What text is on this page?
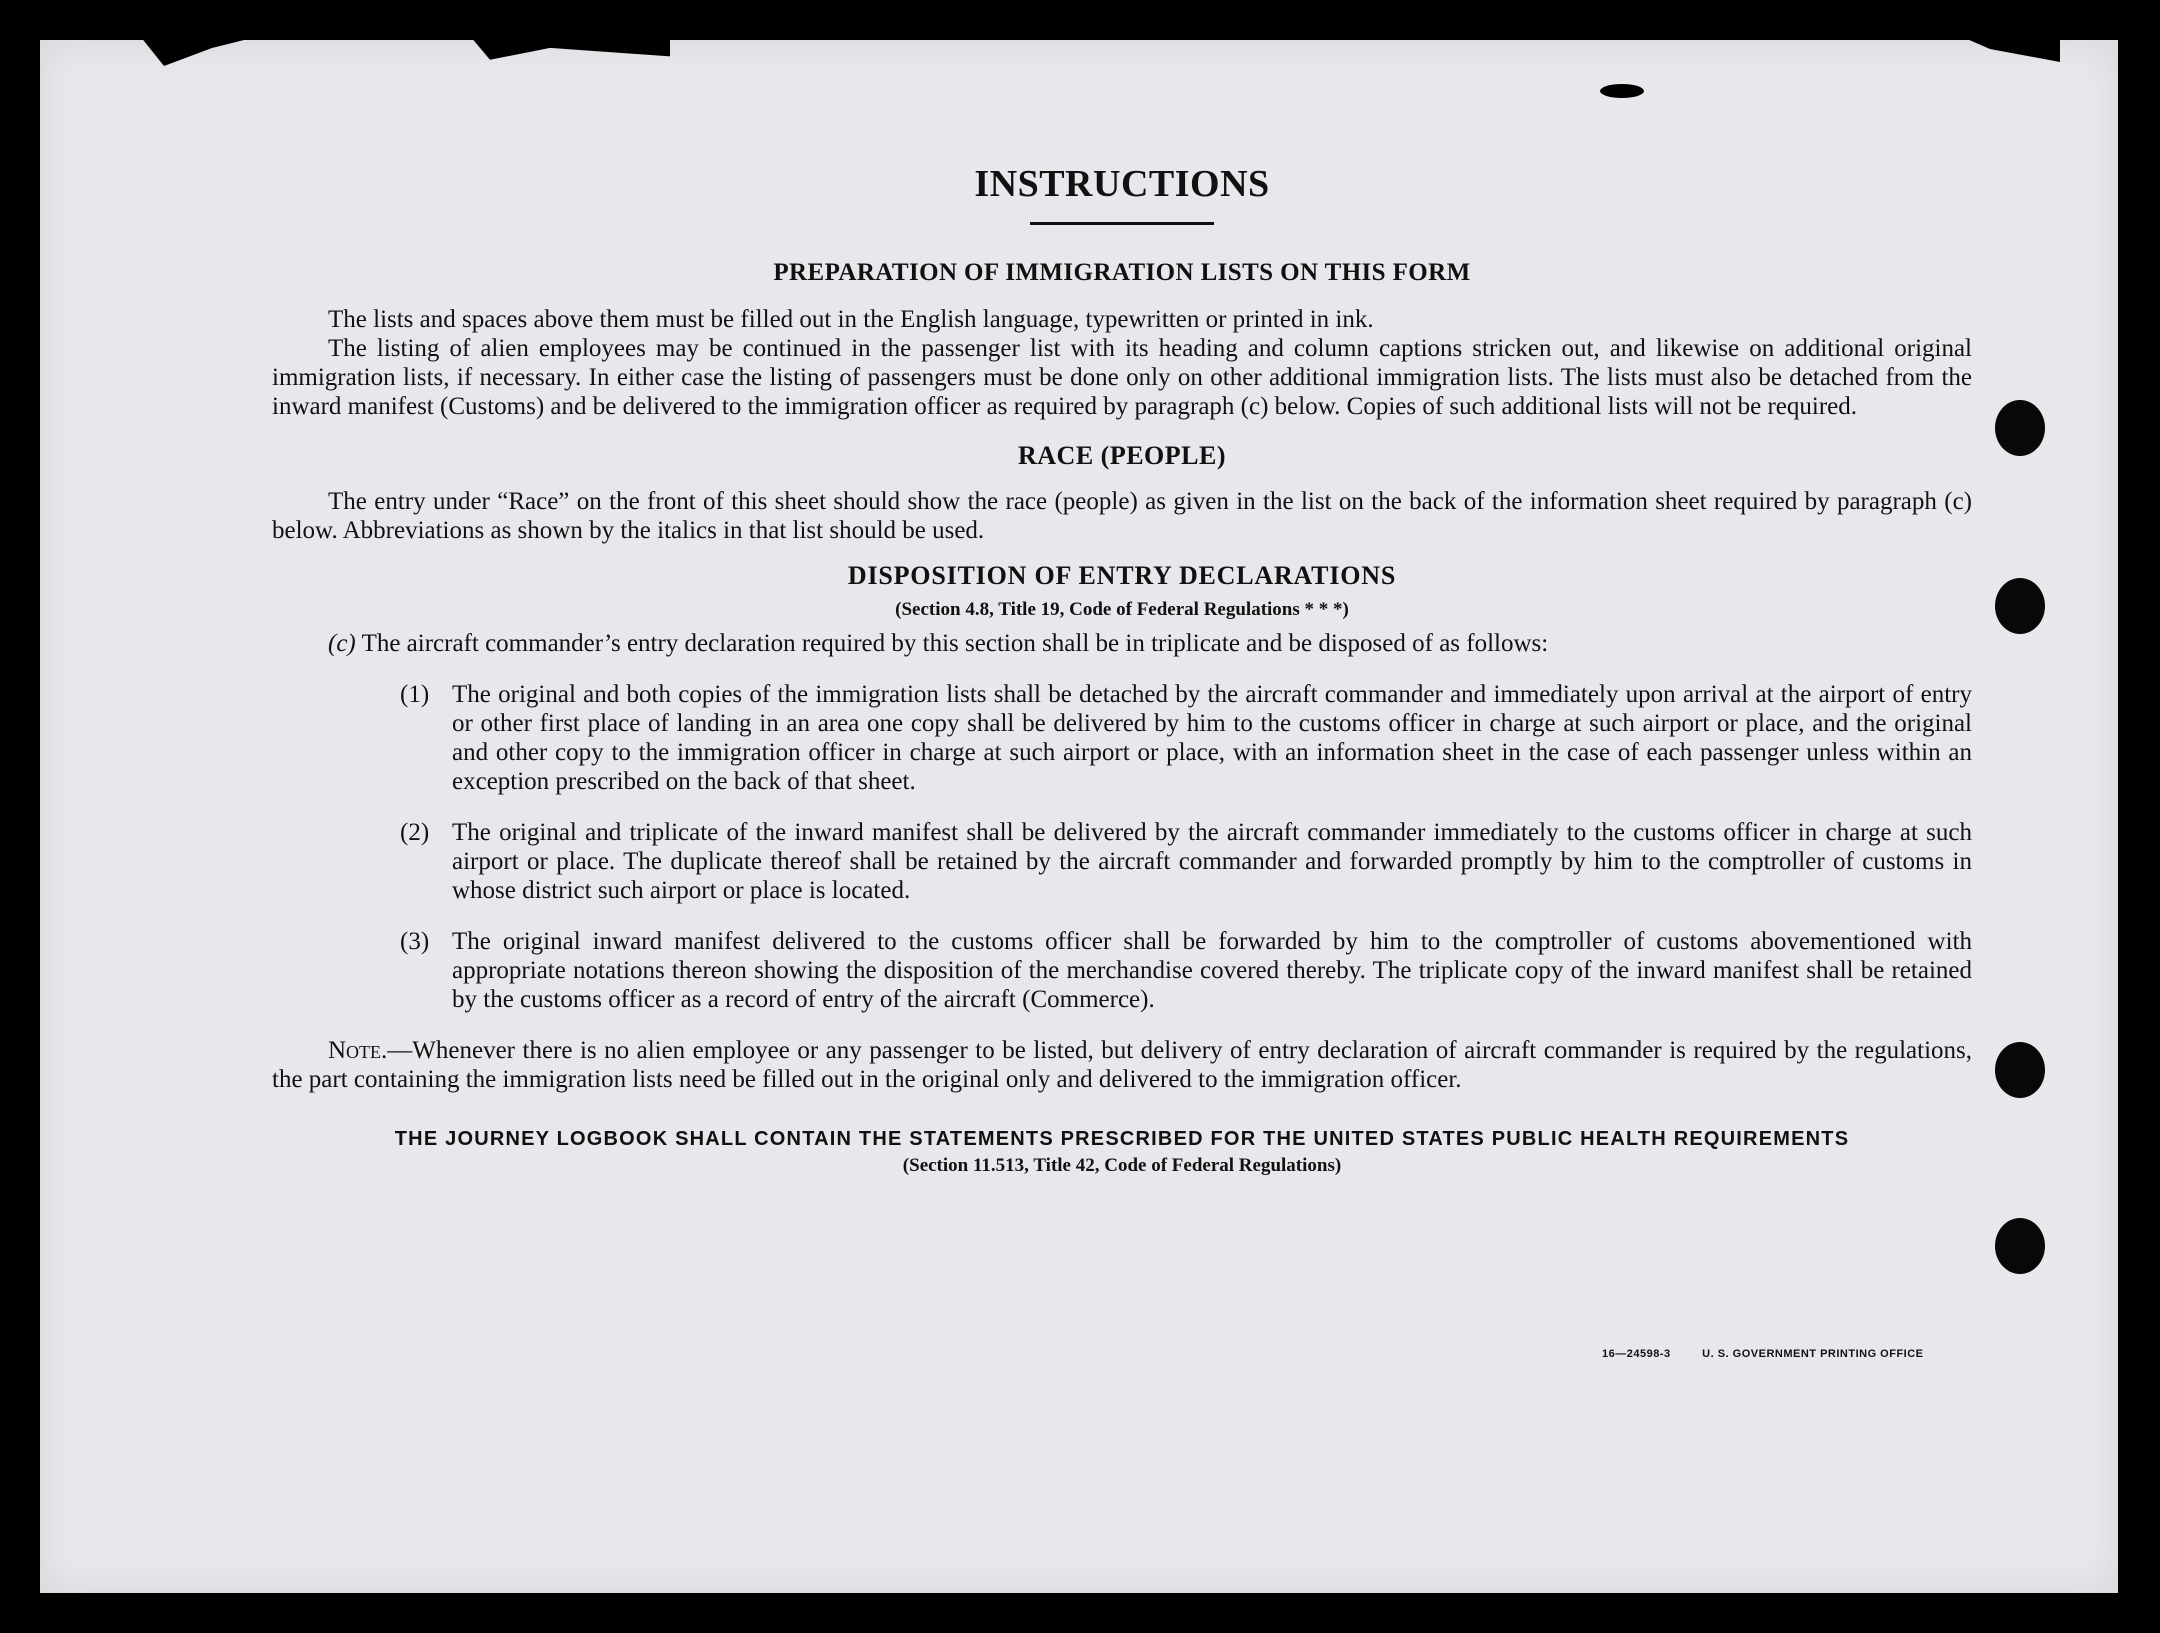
INSTRUCTIONS
PREPARATION OF IMMIGRATION LISTS ON THIS FORM

The lists and spaces above them must be filled out in the English language, typewritten or printed in ink.

The listing of alien employees may be continued in the passenger list with its heading and column captions stricken out, and likewise on additional original immigration lists, if necessary. In either case the listing of passengers must be done only on other additional immigration lists. The lists must also be detached from the inward manifest (Customs) and be delivered to the immigration officer as required by paragraph (c) below. Copies of such additional lists will not be required.

RACE (PEOPLE)

The entry under “Race” on the front of this sheet should show the race (people) as given in the list on the back of the information sheet required by paragraph (c) below. Abbreviations as shown by the italics in that list should be used.

DISPOSITION OF ENTRY DECLARATIONS
(Section 4.8, Title 19, Code of Federal Regulations * * *)

(c) The aircraft commander’s entry declaration required by this section shall be in triplicate and be disposed of as follows:

(1) The original and both copies of the immigration lists shall be detached by the aircraft commander and immediately upon arrival at the airport of entry or other first place of landing in an area one copy shall be delivered by him to the customs officer in charge at such airport or place, and the original and other copy to the immigration officer in charge at such airport or place, with an information sheet in the case of each passenger unless within an exception prescribed on the back of that sheet.

(2) The original and triplicate of the inward manifest shall be delivered by the aircraft commander immediately to the customs officer in charge at such airport or place. The duplicate thereof shall be retained by the aircraft commander and forwarded promptly by him to the comptroller of customs in whose district such airport or place is located.

(3) The original inward manifest delivered to the customs officer shall be forwarded by him to the comptroller of customs abovementioned with appropriate notations thereon showing the disposition of the merchandise covered thereby. The triplicate copy of the inward manifest shall be retained by the customs officer as a record of entry of the aircraft (Commerce).

Note.—Whenever there is no alien employee or any passenger to be listed, but delivery of entry declaration of aircraft commander is required by the regulations, the part containing the immigration lists need be filled out in the original only and delivered to the immigration officer.

THE JOURNEY LOGBOOK SHALL CONTAIN THE STATEMENTS PRESCRIBED FOR THE UNITED STATES PUBLIC HEALTH REQUIREMENTS
(Section 11.513, Title 42, Code of Federal Regulations)
16—24598-3	U. S. GOVERNMENT PRINTING OFFICE
